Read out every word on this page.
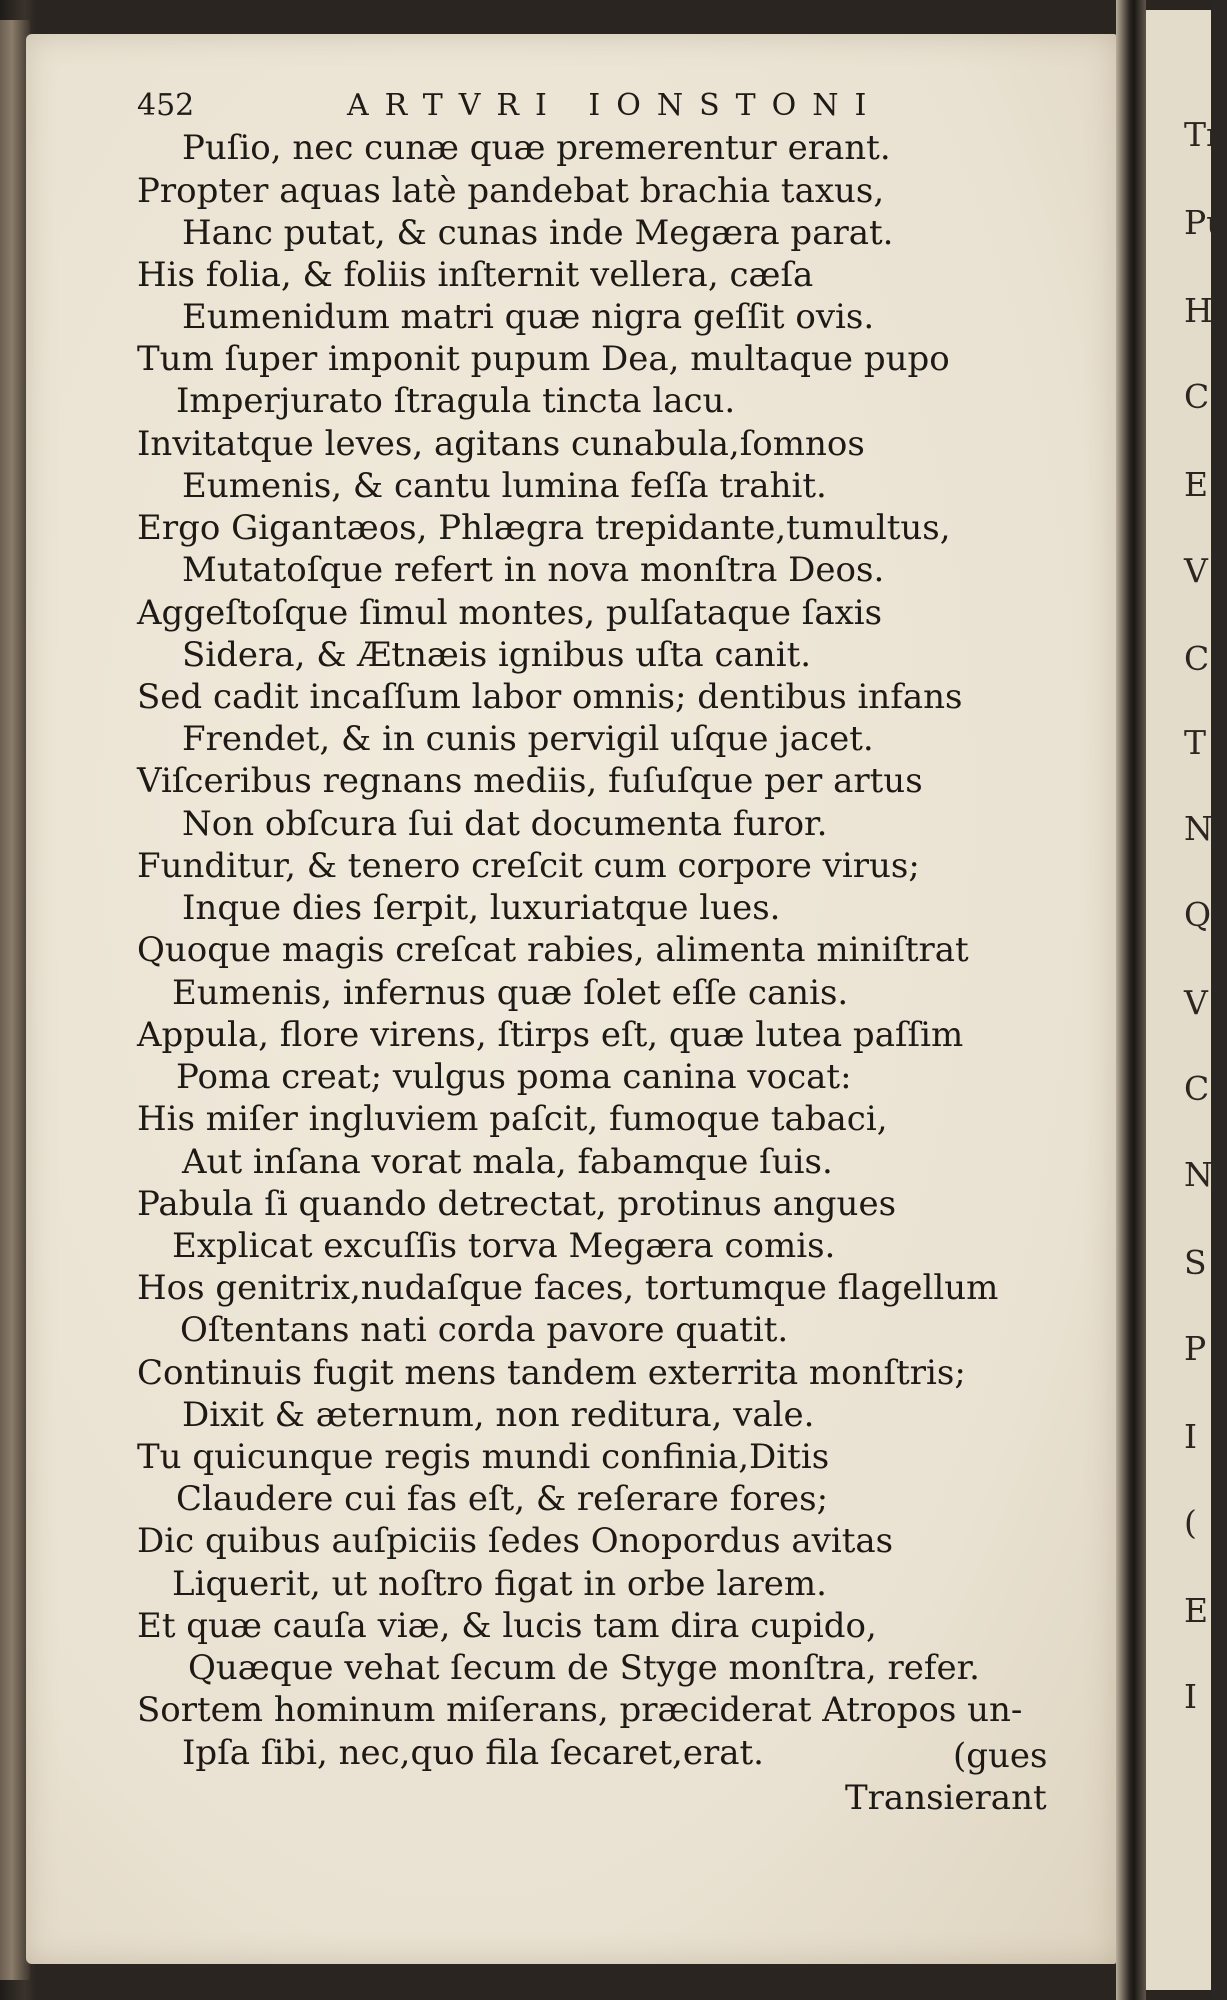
Tr
Pu
Hi
C
E
V
C
T
N
Q
V
C
N
S
P
I
(
E
I
452	ARTVRI IONSTONI

Puſio, nec cunæ quæ premerentur erant.

Propter aquas latè pandebat brachia taxus,

Hanc putat, & cunas inde Megæra parat.

His folia, & foliis inſternit vellera, cæſa

Eumenidum matri quæ nigra geſſit ovis.

Tum ſuper imponit pupum Dea, multaque pupo

Imperjurato ſtragula tincta lacu.

Invitatque leves, agitans cunabula,ſomnos

Eumenis, & cantu lumina feſſa trahit.

Ergo Gigantæos, Phlægra trepidante,tumultus,

Mutatoſque refert in nova monſtra Deos.

Aggeſtoſque ſimul montes, pulſataque ſaxis

Sidera, & Ætnæis ignibus uſta canit.

Sed cadit incaſſum labor omnis; dentibus infans

Frendet, & in cunis pervigil uſque jacet.

Viſceribus regnans mediis, fuſuſque per artus

Non obſcura ſui dat documenta furor.

Funditur, & tenero creſcit cum corpore virus;

Inque dies ſerpit, luxuriatque lues.

Quoque magis creſcat rabies, alimenta miniſtrat

Eumenis, infernus quæ ſolet eſſe canis.

Appula, flore virens, ſtirps eſt, quæ lutea paſſim

Poma creat; vulgus poma canina vocat:

His miſer ingluviem paſcit, fumoque tabaci,

Aut inſana vorat mala, fabamque ſuis.

Pabula ſi quando detrectat, protinus angues

Explicat excuſſis torva Megæra comis.

Hos genitrix,nudaſque faces, tortumque flagellum

Oſtentans nati corda pavore quatit.

Continuis fugit mens tandem exterrita monſtris;

Dixit & æternum, non reditura, vale.

Tu quicunque regis mundi confinia,Ditis

Claudere cui fas eſt, & reſerare fores;

Dic quibus auſpiciis ſedes Onopordus avitas

Liquerit, ut noſtro figat in orbe larem.

Et quæ cauſa viæ, & lucis tam dira cupido,

Quæque vehat ſecum de Styge monſtra, refer.

Sortem hominum miſerans, præciderat Atropos un-

Ipſa ſibi, nec,quo fila ſecaret,erat.	(gues

Transierant
